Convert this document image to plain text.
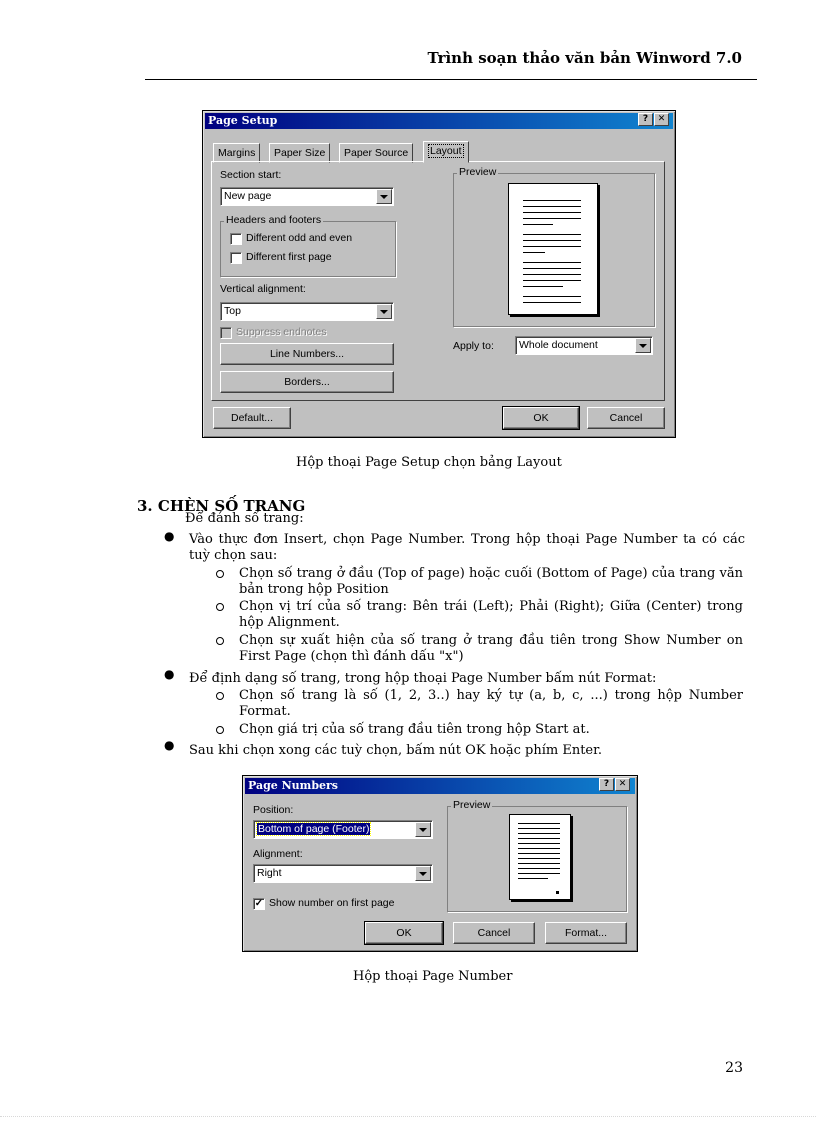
Trình soạn thảo văn bản Winword 7.0
Page Setup	?	✕
Margins	Paper Size	Paper Source	Layout
Section start:
New page
Headers and footers
Different odd and even
Different first page
Vertical alignment:
Top
Suppress endnotes
Line Numbers...
Borders...
Preview
Apply to: Whole document
Default...	OK	Cancel
Hộp thoại Page Setup chọn bảng Layout
3. CHÈN SỐ TRANG
Để đánh số trang:
● Vào thực đơn Insert, chọn Page Number. Trong hộp thoại Page Number ta có các tuỳ chọn sau:
Chọn số trang ở đầu (Top of page) hoặc cuối (Bottom of Page) của trang văn bản trong hộp Position
Chọn vị trí của số trang: Bên trái (Left); Phải (Right); Giữa (Center) trong hộp Alignment.
Chọn sự xuất hiện của số trang ở trang đầu tiên trong Show Number on First Page (chọn thì đánh dấu "x")
● Để định dạng số trang, trong hộp thoại Page Number bấm nút Format:
Chọn số trang là số (1, 2, 3..) hay ký tự (a, b, c, ...) trong hộp Number Format.
Chọn giá trị của số trang đầu tiên trong hộp Start at.
● Sau khi chọn xong các tuỳ chọn, bấm nút OK hoặc phím Enter.
Page Numbers	?	✕
Position:
Bottom of page (Footer)
Alignment:
Right
✓ Show number on first page
Preview
OK	Cancel	Format...
Hộp thoại Page Number
23
